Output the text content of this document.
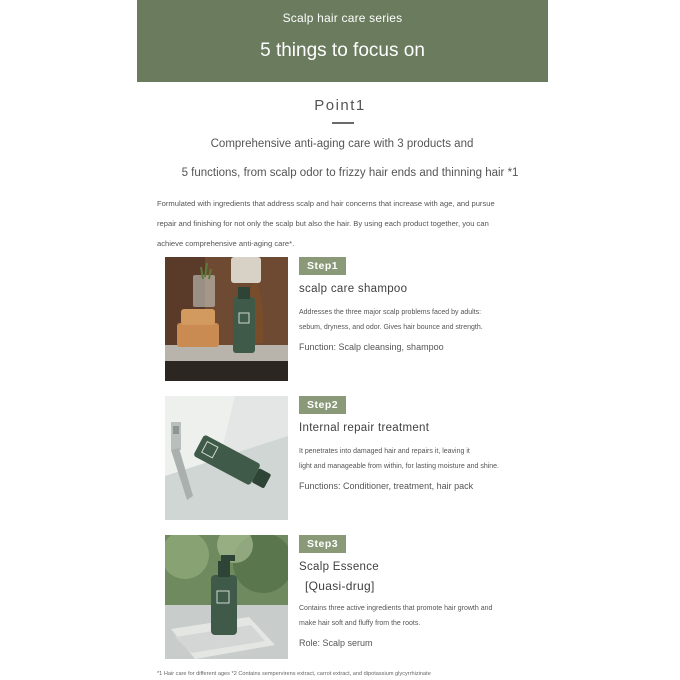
Scalp hair care series
5 things to focus on
Point1
Comprehensive anti-aging care with 3 products and
5 functions, from scalp odor to frizzy hair ends and thinning hair *1
Formulated with ingredients that address scalp and hair concerns that increase with age, and pursue
repair and finishing for not only the scalp but also the hair. By using each product together, you can
achieve comprehensive anti-aging care*.
Step1
scalp care shampoo
Addresses the three major scalp problems faced by adults:
sebum, dryness, and odor. Gives hair bounce and strength.
Function: Scalp cleansing, shampoo
Step2
Internal repair treatment
It penetrates into damaged hair and repairs it, leaving it
light and manageable from within, for lasting moisture and shine.
Functions: Conditioner, treatment, hair pack
Step3
Scalp Essence
[Quasi-drug]
Contains three active ingredients that promote hair growth and
make hair soft and fluffy from the roots.
Role: Scalp serum
*1 Hair care for different ages *2 Contains sempervirens extract, carrot extract, and dipotassium glycyrrhizinate
